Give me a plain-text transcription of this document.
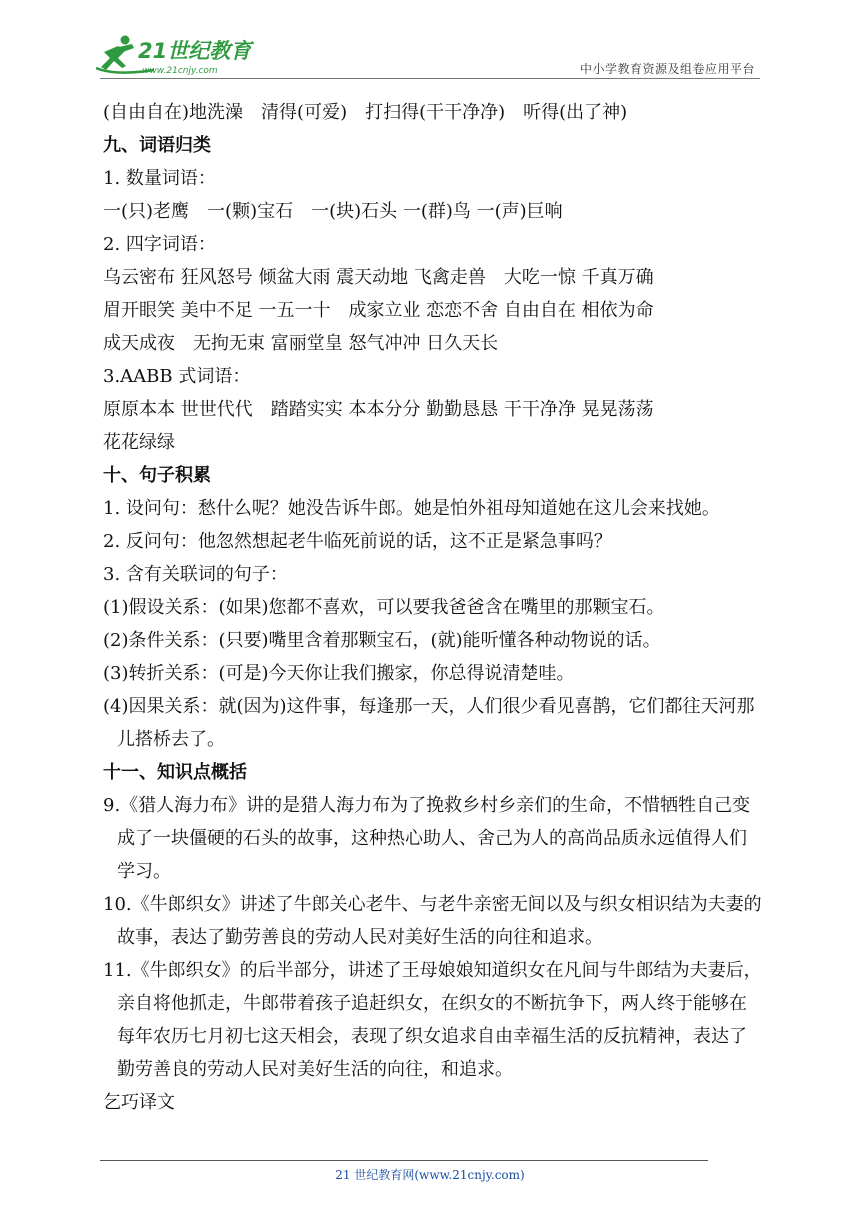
21世纪教育
www.21cnjy.com	中小学教育资源及组卷应用平台
(自由自在)地洗澡　清得(可爱)　打扫得(干干净净)　听得(出了神)
九、词语归类
1. 数量词语：
一(只)老鹰　一(颗)宝石　一(块)石头 一(群)鸟 一(声)巨响
2. 四字词语：
乌云密布 狂风怒号 倾盆大雨 震天动地 飞禽走兽　大吃一惊 千真万确
眉开眼笑 美中不足 一五一十　成家立业 恋恋不舍 自由自在 相依为命
成天成夜　无拘无束 富丽堂皇 怒气冲冲 日久天长
3.AABB 式词语：
原原本本 世世代代　踏踏实实 本本分分 勤勤恳恳 干干净净 晃晃荡荡
花花绿绿
十、句子积累
1. 设问句：愁什么呢？她没告诉牛郎。她是怕外祖母知道她在这儿会来找她。
2. 反问句：他忽然想起老牛临死前说的话，这不正是紧急事吗？
3. 含有关联词的句子：
(1)假设关系：(如果)您都不喜欢，可以要我爸爸含在嘴里的那颗宝石。
(2)条件关系：(只要)嘴里含着那颗宝石，(就)能听懂各种动物说的话。
(3)转折关系：(可是)今天你让我们搬家，你总得说清楚哇。
(4)因果关系：就(因为)这件事，每逢那一天，人们很少看见喜鹊，它们都往天河那儿搭桥去了。
十一、知识点概括
9.《猎人海力布》讲的是猎人海力布为了挽救乡村乡亲们的生命，不惜牺牲自己变成了一块僵硬的石头的故事，这种热心助人、舍己为人的高尚品质永远值得人们学习。
10.《牛郎织女》讲述了牛郎关心老牛、与老牛亲密无间以及与织女相识结为夫妻的故事，表达了勤劳善良的劳动人民对美好生活的向往和追求。
11.《牛郎织女》的后半部分，讲述了王母娘娘知道织女在凡间与牛郎结为夫妻后，亲自将他抓走，牛郎带着孩子追赶织女，在织女的不断抗争下，两人终于能够在每年农历七月初七这天相会，表现了织女追求自由幸福生活的反抗精神，表达了勤劳善良的劳动人民对美好生活的向往，和追求。
乞巧译文
21 世纪教育网(www.21cnjy.com)
